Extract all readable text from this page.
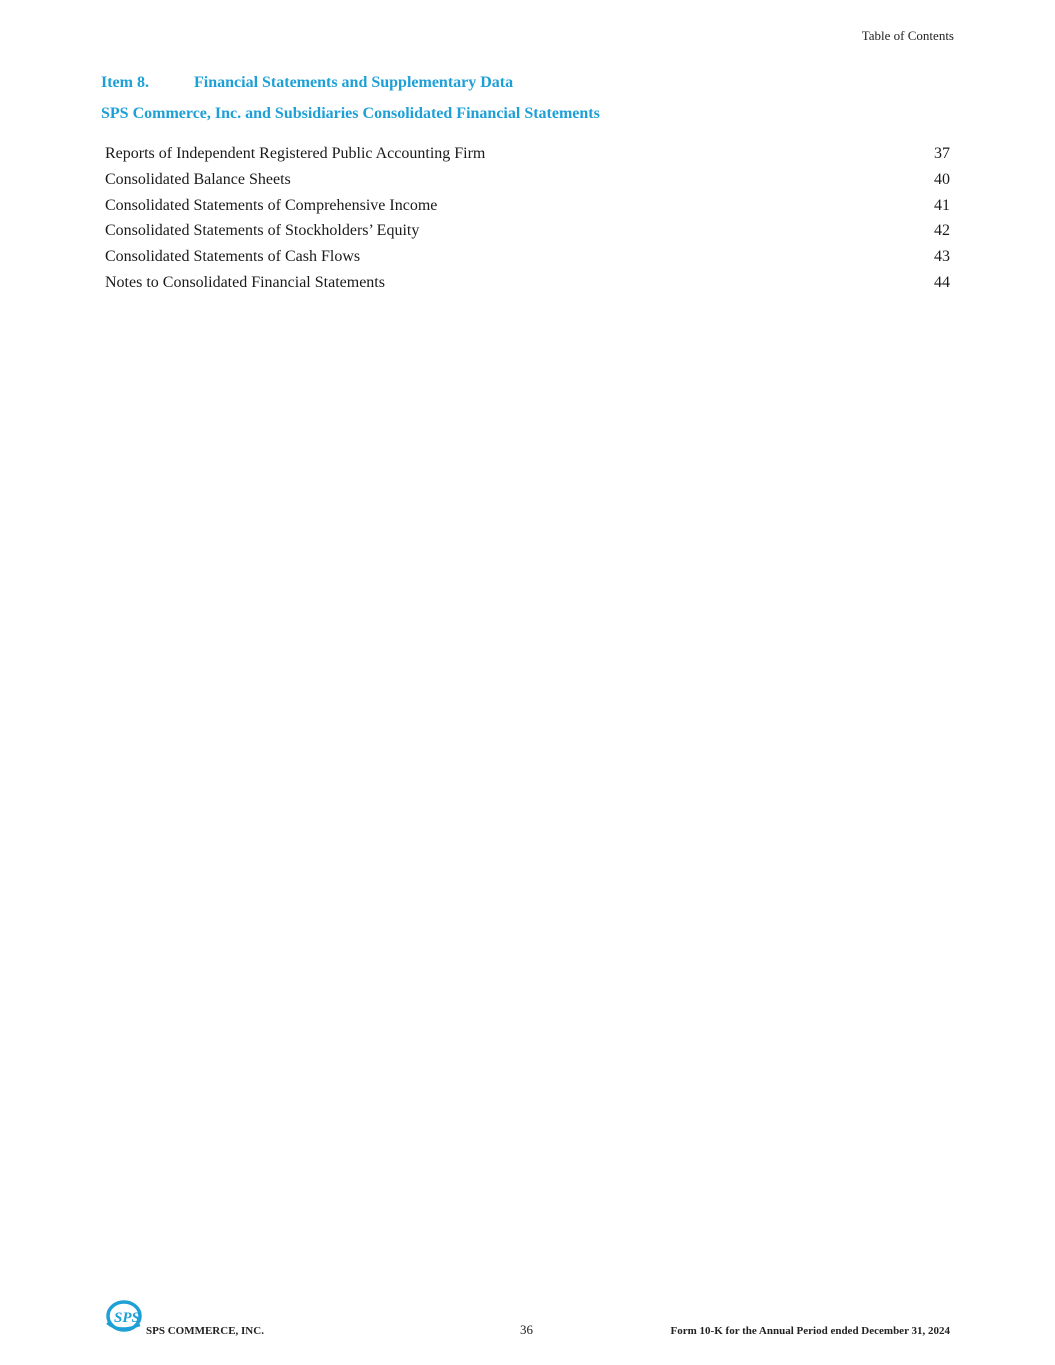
Table of Contents
Item 8.	Financial Statements and Supplementary Data
SPS Commerce, Inc. and Subsidiaries Consolidated Financial Statements
Reports of Independent Registered Public Accounting Firm	37
Consolidated Balance Sheets	40
Consolidated Statements of Comprehensive Income	41
Consolidated Statements of Stockholders’ Equity	42
Consolidated Statements of Cash Flows	43
Notes to Consolidated Financial Statements	44
SPS
SPS COMMERCE, INC.	36	Form 10-K for the Annual Period ended December 31, 2024
